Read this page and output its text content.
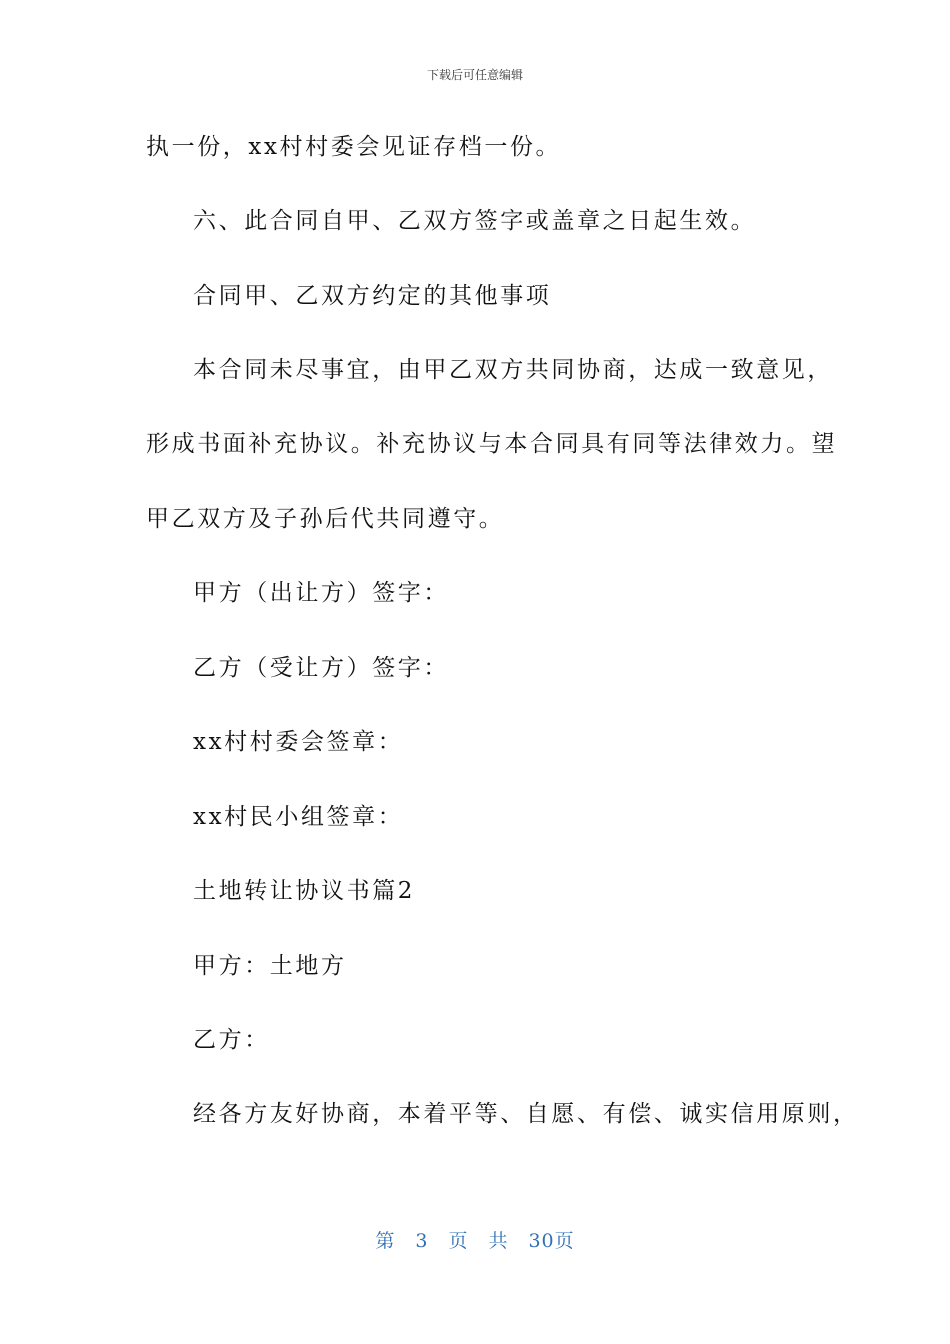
下载后可任意编辑
执一份，xx村村委会见证存档一份。
六、此合同自甲、乙双方签字或盖章之日起生效。
合同甲、乙双方约定的其他事项
本合同未尽事宜，由甲乙双方共同协商，达成一致意见，
形成书面补充协议。补充协议与本合同具有同等法律效力。望
甲乙双方及子孙后代共同遵守。
甲方（出让方）签字：
乙方（受让方）签字：
xx村村委会签章：
xx村民小组签章：
土地转让协议书篇2
甲方：土地方
乙方：
经各方友好协商，本着平等、自愿、有偿、诚实信用原则，
第　3　页　共　30页
